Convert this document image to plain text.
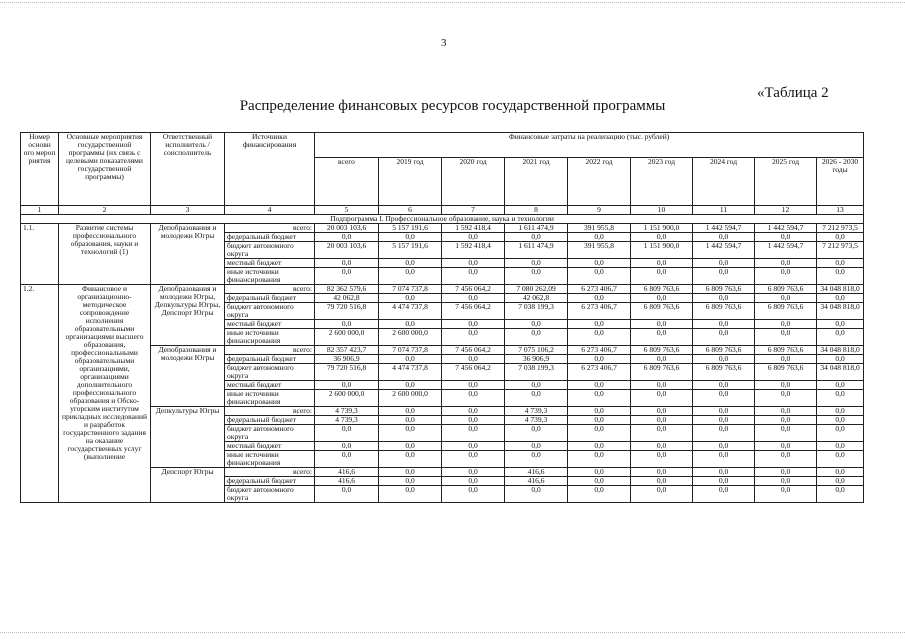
3
«Таблица 2
Распределение финансовых ресурсов государственной программы
Номер основн ого мероп риятия	Основные мероприятия государственной программы (их связь с целевыми показателями государственной программы)	Ответственный исполнитель / соисполнитель	Источники финансирования	Финансовые затраты на реализацию (тыс. рублей)								
				всего	2019 год	2020 год	2021 год	2022 год	2023 год	2024 год	2025 год	2026 - 2030 годы
1	2	3	4	5	6	7	8	9	10	11	12	13
Подпрограмма I. Профессиональное образование, наука и технологии												
1.1.	Развитие системы профессионального образования, науки и технологий (1)	Депобразования и молодежи Югры	всего:	20 003 103,6	5 157 191,6	1 592 418,4	1 611 474,9	391 955,8	1 151 900,0	1 442 594,7	1 442 594,7	7 212 973,5
			федеральный бюджет	0,0	0,0	0,0	0,0	0,0	0,0	0,0	0,0	0,0
			бюджет автономного округа	20 003 103,6	5 157 191,6	1 592 418,4	1 611 474,9	391 955,8	1 151 900,0	1 442 594,7	1 442 594,7	7 212 973,5
			местный бюджет	0,0	0,0	0,0	0,0	0,0	0,0	0,0	0,0	0,0
			иные источники финансирования	0,0	0,0	0,0	0,0	0,0	0,0	0,0	0,0	0,0
1.2.	Финансовое и организационно-методическое сопровождение исполнения образовательными организациями высшего образования, профессиональными образовательными организациями, организациями дополнительного профессионального образования и Обско-угорским институтом прикладных исследований и разработок государственного задания на оказание государственных услуг (выполнение	Депобразования и молодежи Югры, Депкультуры Югры, Депспорт Югры	всего:	82 362 579,6	7 074 737,8	7 456 064,2	7 080 262,09	6 273 406,7	6 809 763,6	6 809 763,6	6 809 763,6	34 048 818,0
			федеральный бюджет	42 062,8	0,0	0,0	42 062,8	0,0	0,0	0,0	0,0	0,0
			бюджет автономного округа	79 720 516,8	4 474 737,8	7 456 064,2	7 038 199,3	6 273 406,7	6 809 763,6	6 809 763,6	6 809 763,6	34 048 818,0
			местный бюджет	0,0	0,0	0,0	0,0	0,0	0,0	0,0	0,0	0,0
			иные источники финансирования	2 600 000,0	2 600 000,0	0,0	0,0	0,0	0,0	0,0	0,0	0,0
		Депобразования и молодежи Югры	всего:	82 357 423,7	7 074 737,8	7 456 064,2	7 075 106,2	6 273 406,7	6 809 763,6	6 809 763,6	6 809 763,6	34 048 818,0
			федеральный бюджет	36 906,9	0,0	0,0	36 906,9	0,0	0,0	0,0	0,0	0,0
			бюджет автономного округа	79 720 516,8	4 474 737,8	7 456 064,2	7 038 199,3	6 273 406,7	6 809 763,6	6 809 763,6	6 809 763,6	34 048 818,0
			местный бюджет	0,0	0,0	0,0	0,0	0,0	0,0	0,0	0,0	0,0
			иные источники финансирования	2 600 000,0	2 600 000,0	0,0	0,0	0,0	0,0	0,0	0,0	0,0
		Депкультуры Югры	всего:	4 739,3	0,0	0,0	4 739,3	0,0	0,0	0,0	0,0	0,0
			федеральный бюджет	4 739,3	0,0	0,0	4 739,3	0,0	0,0	0,0	0,0	0,0
			бюджет автономного округа	0,0	0,0	0,0	0,0	0,0	0,0	0,0	0,0	0,0
			местный бюджет	0,0	0,0	0,0	0,0	0,0	0,0	0,0	0,0	0,0
			иные источники финансирования	0,0	0,0	0,0	0,0	0,0	0,0	0,0	0,0	0,0
		Депспорт Югры	всего:	416,6	0,0	0,0	416,6	0,0	0,0	0,0	0,0	0,0
			федеральный бюджет	416,6	0,0	0,0	416,6	0,0	0,0	0,0	0,0	0,0
			бюджет автономного округа	0,0	0,0	0,0	0,0	0,0	0,0	0,0	0,0	0,0
